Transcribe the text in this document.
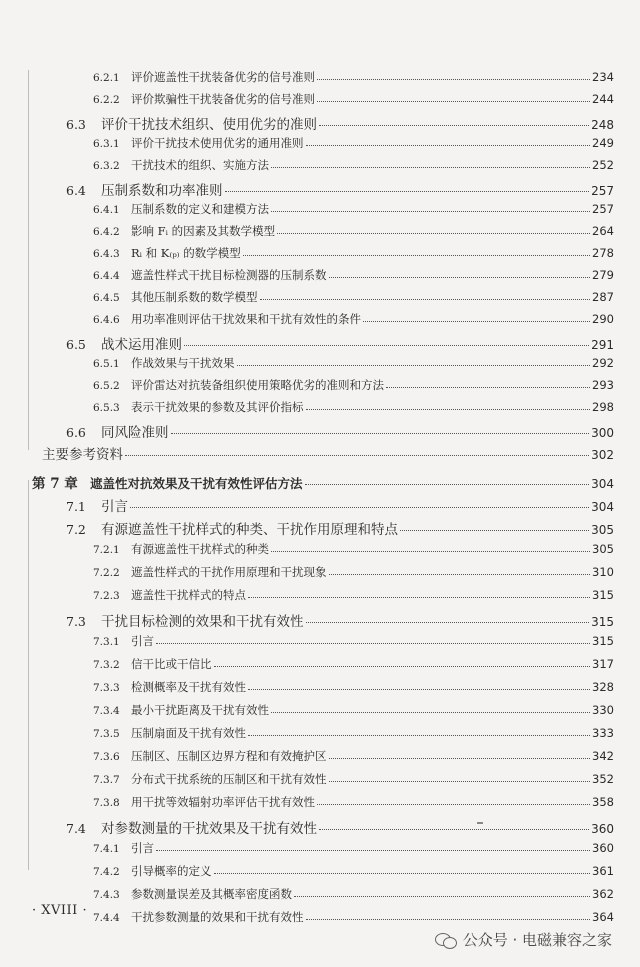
6.2.1 评价遮盖性干扰装备优劣的信号准则	234
6.2.2 评价欺骗性干扰装备优劣的信号准则	244
6.3	评价干扰技术组织、使用优劣的准则	248
6.3.1 评价干扰技术使用优劣的通用准则	249
6.3.2 干扰技术的组织、实施方法	252
6.4	压制系数和功率准则	257
6.4.1 压制系数的定义和建模方法	257
6.4.2 影响 Fᵢ 的因素及其数学模型	264
6.4.3 Rᵢ 和 K₍ₚ₎ 的数学模型	278
6.4.4 遮盖性样式干扰目标检测器的压制系数	279
6.4.5 其他压制系数的数学模型	287
6.4.6 用功率准则评估干扰效果和干扰有效性的条件	290
6.5	战术运用准则	291
6.5.1 作战效果与干扰效果	292
6.5.2 评价雷达对抗装备组织使用策略优劣的准则和方法	293
6.5.3 表示干扰效果的参数及其评价指标	298
6.6	同风险准则	300
主要参考资料	302
第 7 章 遮盖性对抗效果及干扰有效性评估方法	304
7.1	引言	304
7.2	有源遮盖性干扰样式的种类、干扰作用原理和特点	305
7.2.1 有源遮盖性干扰样式的种类	305
7.2.2 遮盖性样式的干扰作用原理和干扰现象	310
7.2.3 遮盖性干扰样式的特点	315
7.3	干扰目标检测的效果和干扰有效性	315
7.3.1 引言	315
7.3.2 信干比或干信比	317
7.3.3 检测概率及干扰有效性	328
7.3.4 最小干扰距离及干扰有效性	330
7.3.5 压制扇面及干扰有效性	333
7.3.6 压制区、压制区边界方程和有效掩护区	342
7.3.7 分布式干扰系统的压制区和干扰有效性	352
7.3.8 用干扰等效辐射功率评估干扰有效性	358
7.4	对参数测量的干扰效果及干扰有效性	360
7.4.1 引言	360
7.4.2 引导概率的定义	361
7.4.3 参数测量误差及其概率密度函数	362
7.4.4 干扰参数测量的效果和干扰有效性	364
· XVIII ·
公众号 · 电磁兼容之家
